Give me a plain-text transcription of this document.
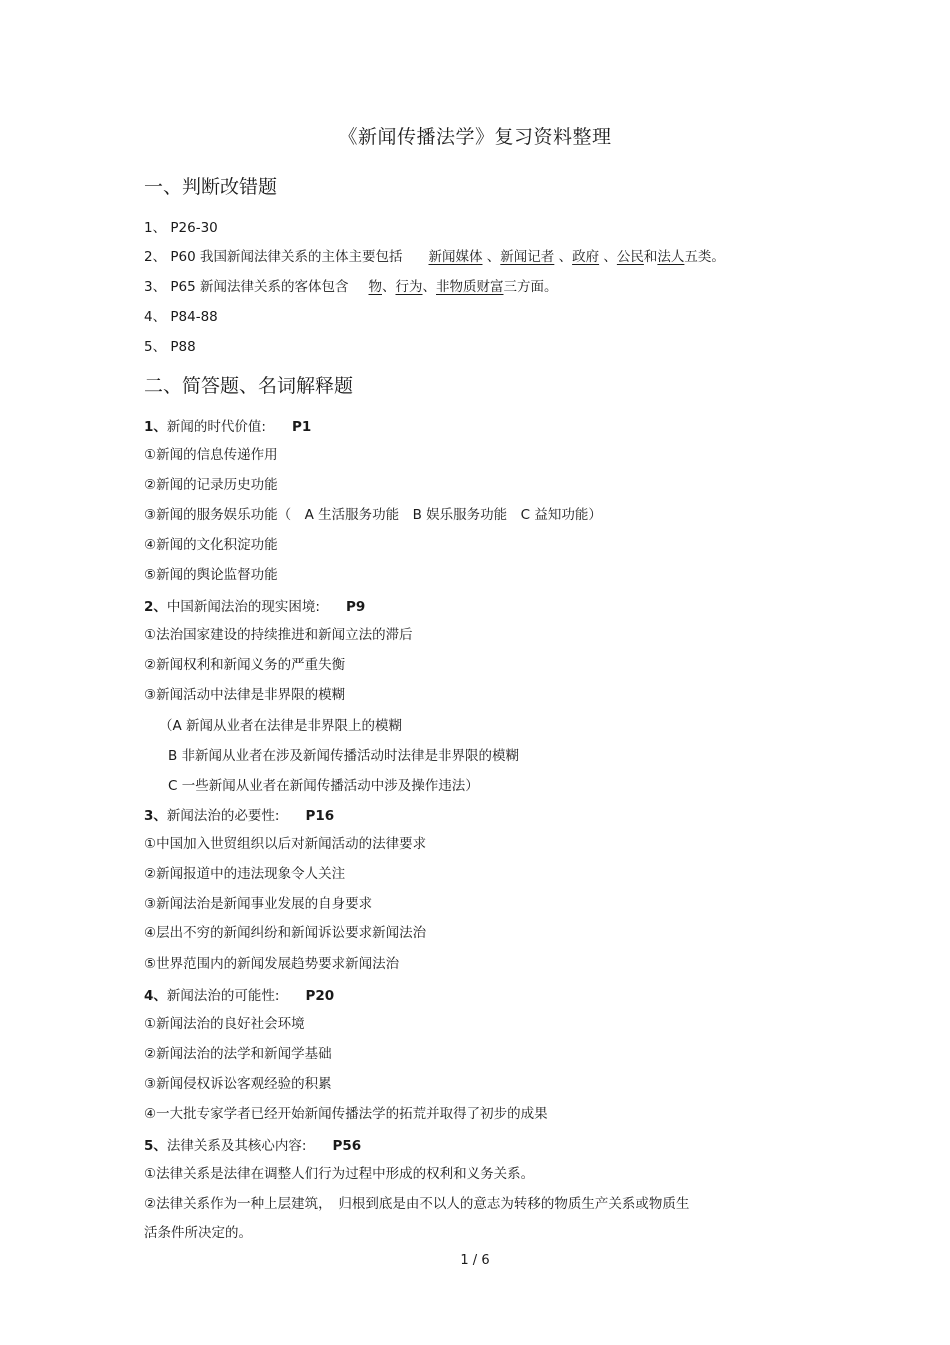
《新闻传播法学》复习资料整理
一、判断改错题
1、 P26-30
2、 P60 我国新闻法律关系的主体主要包括 新闻媒体 、新闻记者 、政府 、公民和法人五类。
3、 P65 新闻法律关系的客体包含 物、行为、非物质财富三方面。
4、 P84-88
5、 P88
二、简答题、名词解释题
1、新闻的时代价值: P1
①新闻的信息传递作用
②新闻的记录历史功能
③新闻的服务娱乐功能（　A 生活服务功能　B 娱乐服务功能　C 益知功能）
④新闻的文化积淀功能
⑤新闻的舆论监督功能
2、中国新闻法治的现实困境: P9
①法治国家建设的持续推进和新闻立法的滞后
②新闻权利和新闻义务的严重失衡
③新闻活动中法律是非界限的模糊
（A 新闻从业者在法律是非界限上的模糊
B 非新闻从业者在涉及新闻传播活动时法律是非界限的模糊
C 一些新闻从业者在新闻传播活动中涉及操作违法）
3、新闻法治的必要性: P16
①中国加入世贸组织以后对新闻活动的法律要求
②新闻报道中的违法现象令人关注
③新闻法治是新闻事业发展的自身要求
④层出不穷的新闻纠纷和新闻诉讼要求新闻法治
⑤世界范围内的新闻发展趋势要求新闻法治
4、新闻法治的可能性: P20
①新闻法治的良好社会环境
②新闻法治的法学和新闻学基础
③新闻侵权诉讼客观经验的积累
④一大批专家学者已经开始新闻传播法学的拓荒并取得了初步的成果
5、法律关系及其核心内容: P56
①法律关系是法律在调整人们行为过程中形成的权利和义务关系。
②法律关系作为一种上层建筑，　归根到底是由不以人的意志为转移的物质生产关系或物质生
活条件所决定的。
1 / 6
